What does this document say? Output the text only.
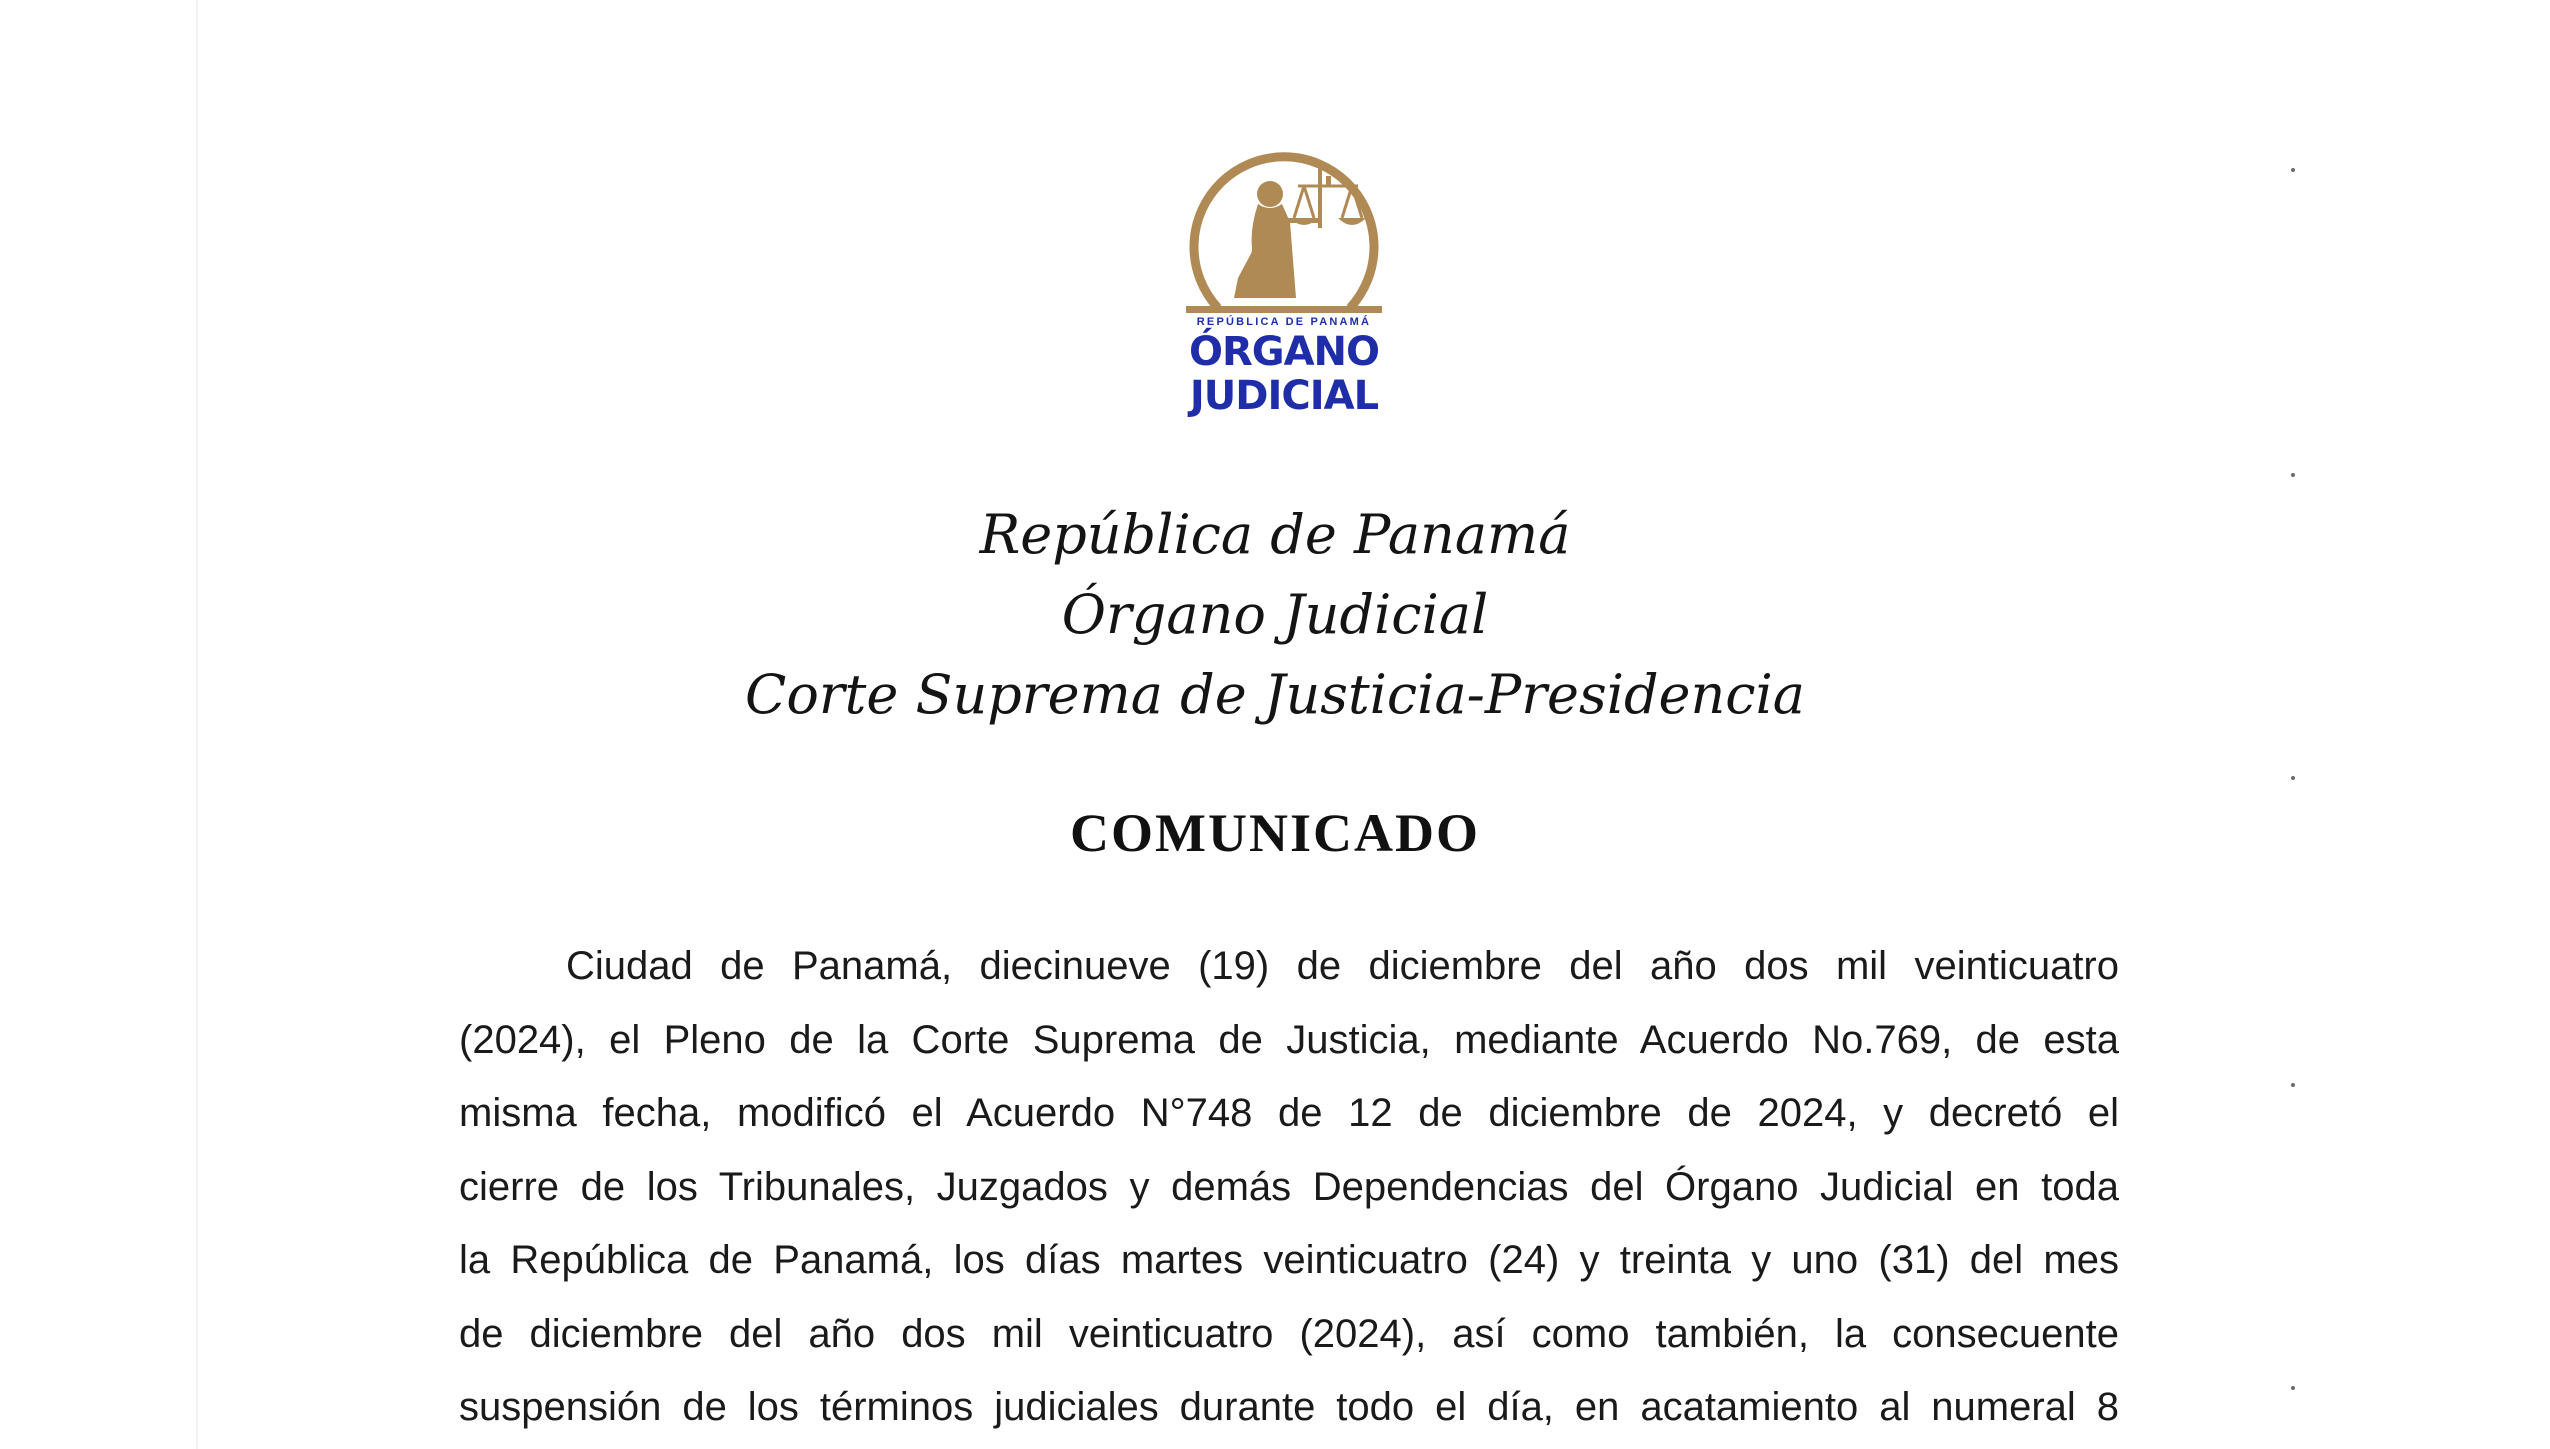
REPÚBLICA DE PANAMÁ
ÓRGANO
JUDICIAL
República de Panamá
Órgano Judicial
Corte Suprema de Justicia-Presidencia
COMUNICADO
Ciudad de Panamá, diecinueve (19) de diciembre del año dos mil veinticuatro
(2024), el Pleno de la Corte Suprema de Justicia, mediante Acuerdo No.769, de esta
misma fecha, modificó el Acuerdo N°748 de 12 de diciembre de 2024, y decretó el
cierre de los Tribunales, Juzgados y demás Dependencias del Órgano Judicial en toda
la República de Panamá, los días martes veinticuatro (24) y treinta y uno (31) del mes
de diciembre del año dos mil veinticuatro (2024), así como también, la consecuente
suspensión de los términos judiciales durante todo el día, en acatamiento al numeral 8
